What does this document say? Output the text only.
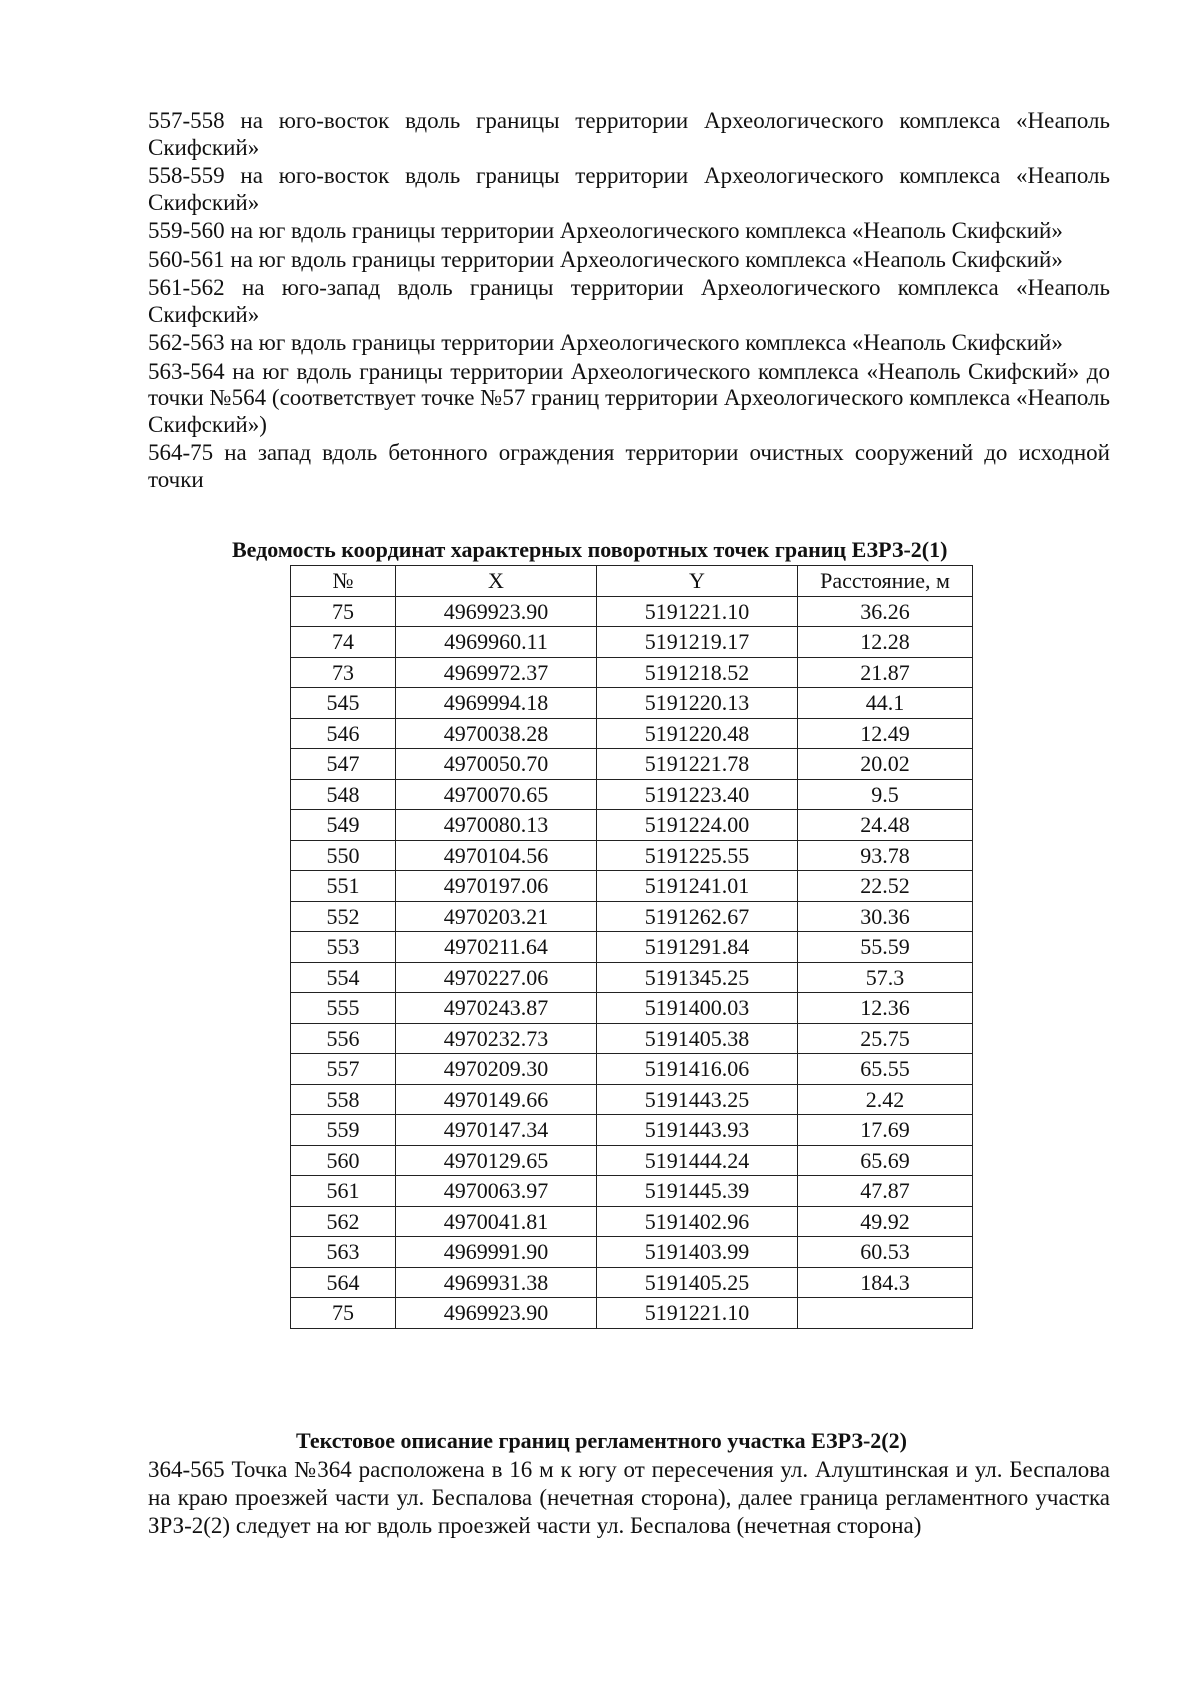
557-558 на юго-восток вдоль границы территории Археологического комплекса «Неаполь Скифский»

558-559 на юго-восток вдоль границы территории Археологического комплекса «Неаполь Скифский»

559-560 на юг вдоль границы территории Археологического комплекса «Неаполь Скифский»

560-561 на юг вдоль границы территории Археологического комплекса «Неаполь Скифский»

561-562 на юго-запад вдоль границы территории Археологического комплекса «Неаполь Скифский»

562-563 на юг вдоль границы территории Археологического комплекса «Неаполь Скифский»

563-564 на юг вдоль границы территории Археологического комплекса «Неаполь Скифский» до точки №564 (соответствует точке №57 границ территории Археологического комплекса «Неаполь Скифский»)

564-75 на запад вдоль бетонного ограждения территории очистных сооружений до исходной точки

Ведомость координат характерных поворотных точек границ ЕЗРЗ-2(1)
№	X	Y	Расстояние, м
75	4969923.90	5191221.10	36.26
74	4969960.11	5191219.17	12.28
73	4969972.37	5191218.52	21.87
545	4969994.18	5191220.13	44.1
546	4970038.28	5191220.48	12.49
547	4970050.70	5191221.78	20.02
548	4970070.65	5191223.40	9.5
549	4970080.13	5191224.00	24.48
550	4970104.56	5191225.55	93.78
551	4970197.06	5191241.01	22.52
552	4970203.21	5191262.67	30.36
553	4970211.64	5191291.84	55.59
554	4970227.06	5191345.25	57.3
555	4970243.87	5191400.03	12.36
556	4970232.73	5191405.38	25.75
557	4970209.30	5191416.06	65.55
558	4970149.66	5191443.25	2.42
559	4970147.34	5191443.93	17.69
560	4970129.65	5191444.24	65.69
561	4970063.97	5191445.39	47.87
562	4970041.81	5191402.96	49.92
563	4969991.90	5191403.99	60.53
564	4969931.38	5191405.25	184.3
75	4969923.90	5191221.10	
Текстовое описание границ регламентного участка ЕЗРЗ-2(2)

364-565 Точка №364 расположена в 16 м к югу от пересечения ул. Алуштинская и ул. Беспалова на краю проезжей части ул. Беспалова (нечетная сторона), далее граница регламентного участка ЗРЗ-2(2) следует на юг вдоль проезжей части ул. Беспалова (нечетная сторона)
